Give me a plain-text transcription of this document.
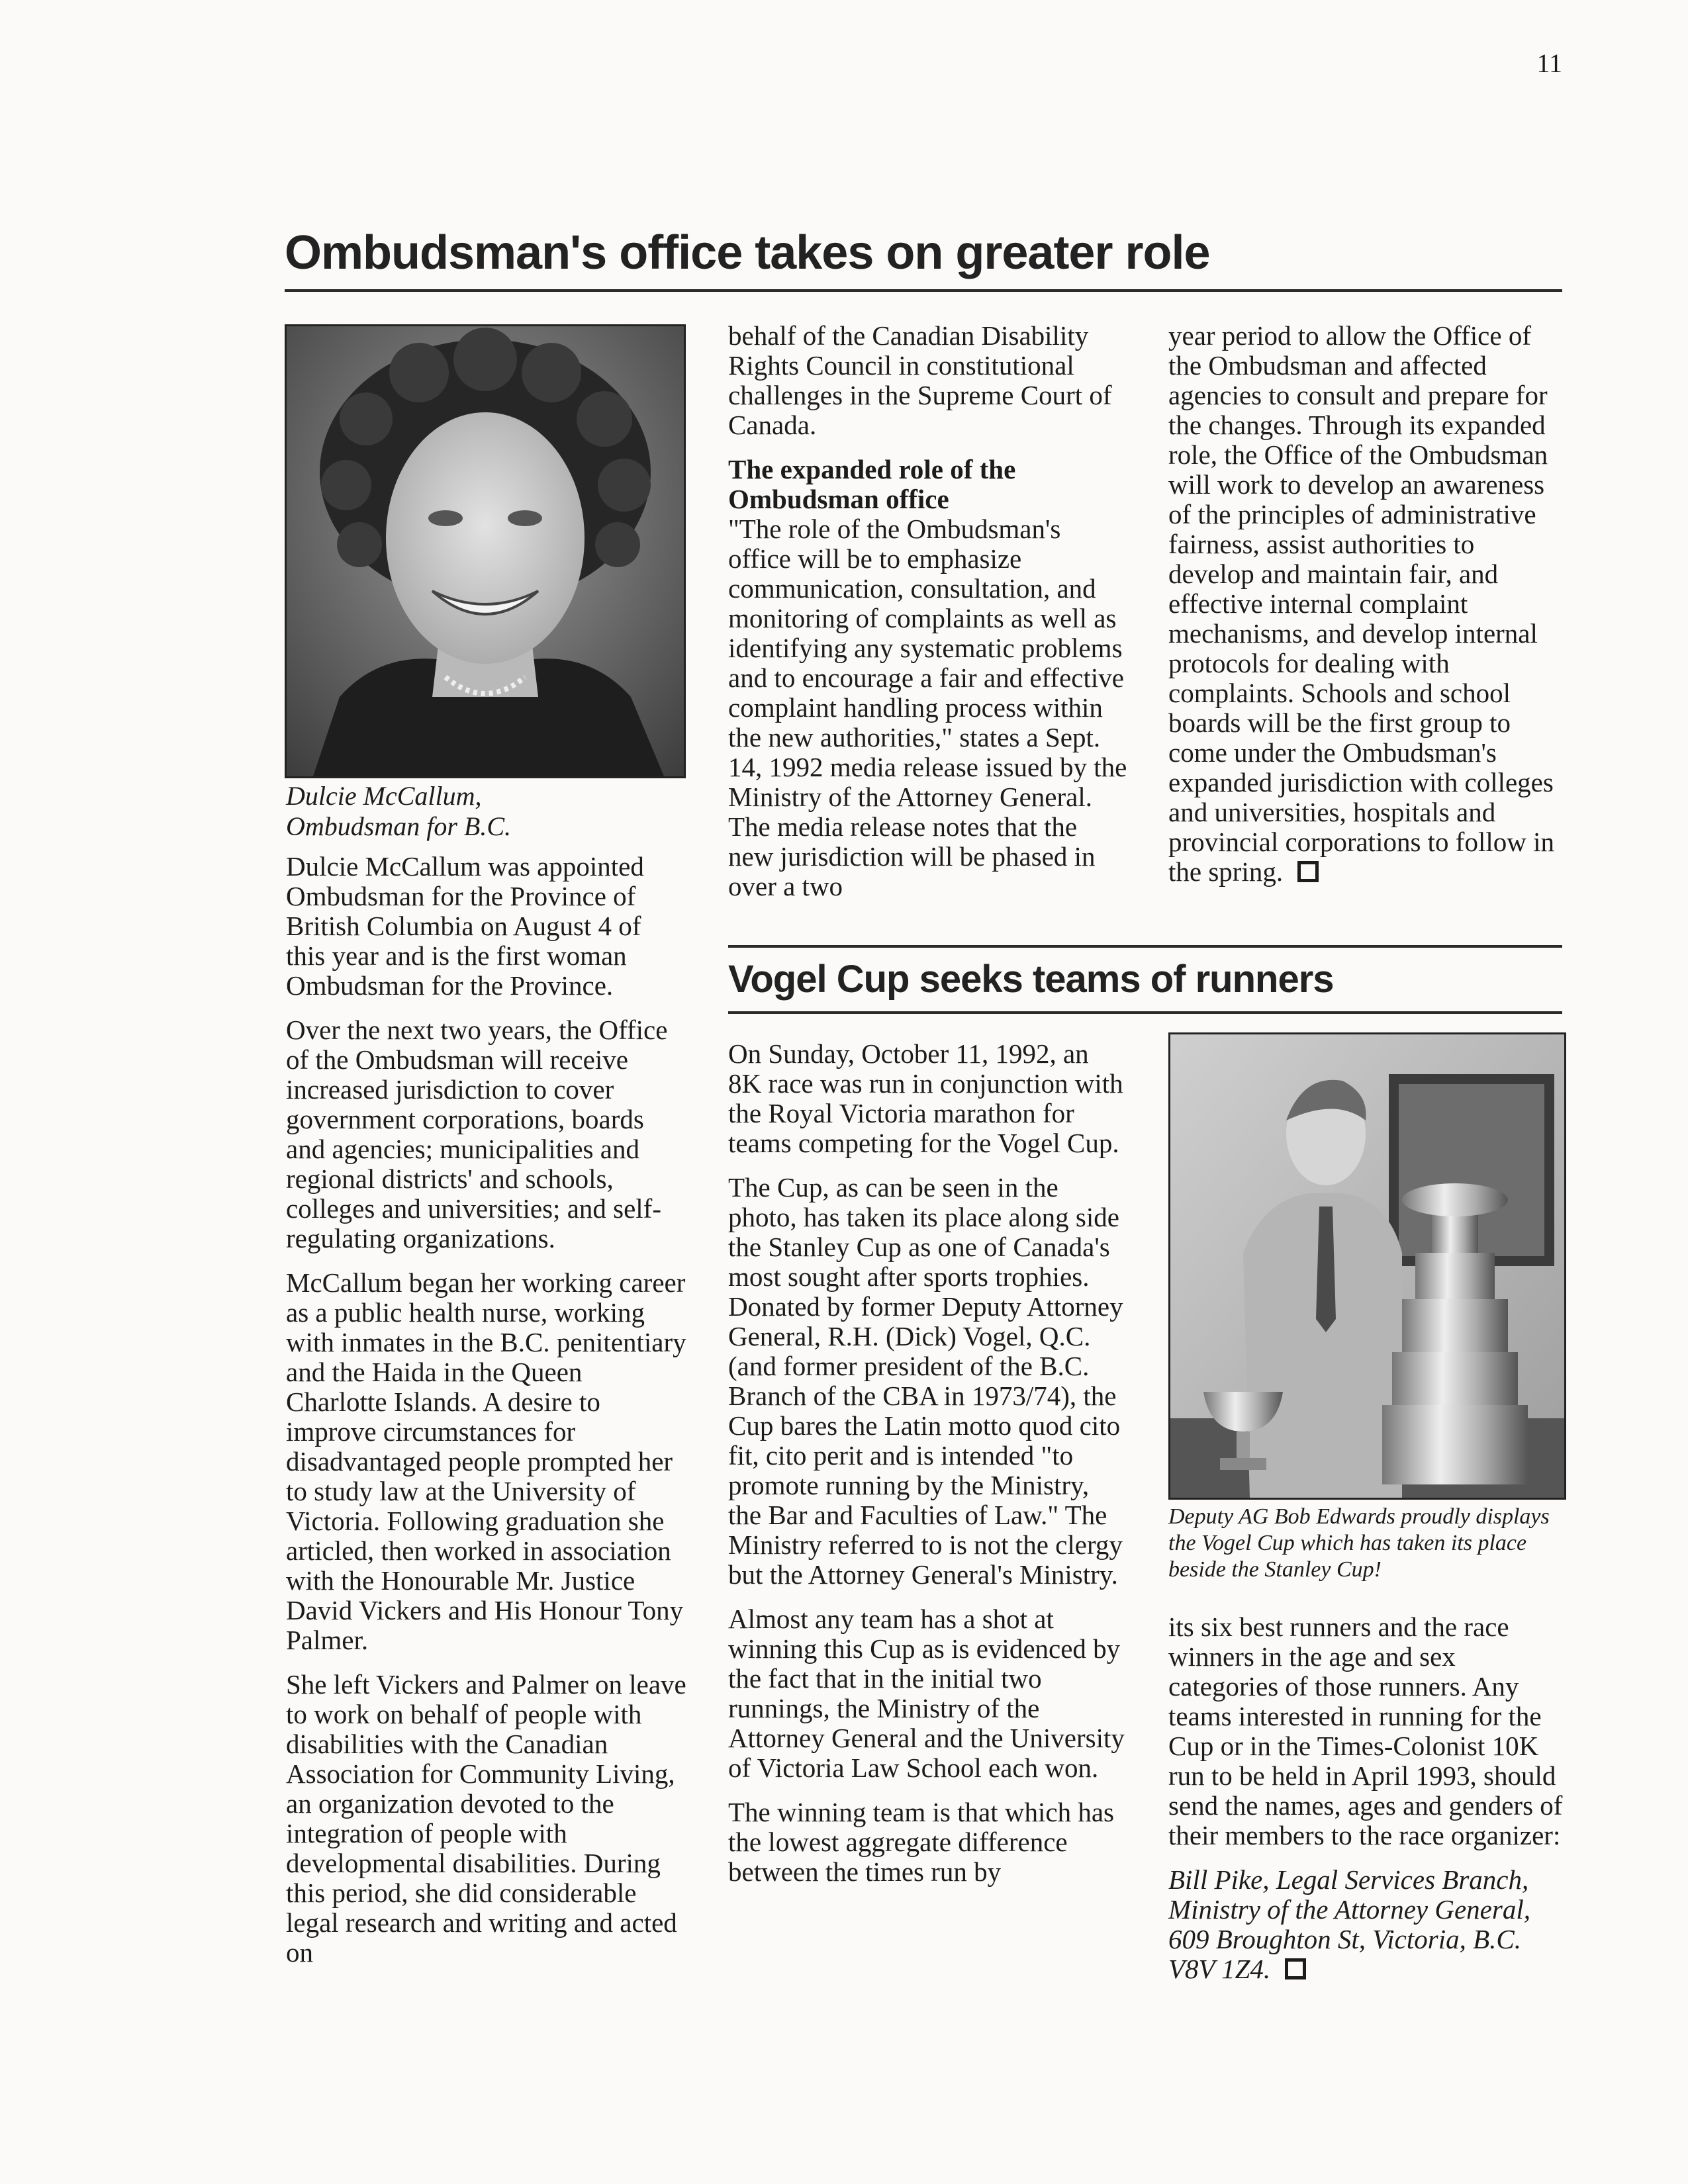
11
Ombudsman's office takes on greater role
Dulcie McCallum,
Ombudsman for B.C.

Dulcie McCallum was appointed Ombudsman for the Province of British Columbia on August 4 of this year and is the first woman Ombudsman for the Province.

Over the next two years, the Office of the Ombudsman will receive increased jurisdiction to cover government corporations, boards and agencies; municipalities and regional districts' and schools, colleges and universities; and self-regulating organizations.

McCallum began her working career as a public health nurse, working with inmates in the B.C. penitentiary and the Haida in the Queen Charlotte Islands. A desire to improve circumstances for disadvantaged people prompted her to study law at the University of Victoria. Following graduation she articled, then worked in association with the Honourable Mr. Justice David Vickers and His Honour Tony Palmer.

She left Vickers and Palmer on leave to work on behalf of people with disabilities with the Canadian Association for Community Living, an organization devoted to the integration of people with developmental disabilities. During this period, she did considerable legal research and writing and acted on

behalf of the Canadian Disability Rights Council in constitutional challenges in the Supreme Court of Canada.

The expanded role of the Ombudsman office

"The role of the Ombudsman's office will be to emphasize communication, consultation, and monitoring of complaints as well as identifying any systematic problems and to encourage a fair and effective complaint handling process within the new authorities," states a Sept. 14, 1992 media release issued by the Ministry of the Attorney General. The media release notes that the new jurisdiction will be phased in over a two

year period to allow the Office of the Ombudsman and affected agencies to consult and prepare for the changes. Through its expanded role, the Office of the Ombudsman will work to develop an awareness of the principles of administrative fairness, assist authorities to develop and maintain fair, and effective internal complaint mechanisms, and develop internal protocols for dealing with complaints. Schools and school boards will be the first group to come under the Ombudsman's expanded jurisdiction with colleges and universities, hospitals and provincial corporations to follow in the spring.

Vogel Cup seeks teams of runners

On Sunday, October 11, 1992, an 8K race was run in conjunction with the Royal Victoria marathon for teams competing for the Vogel Cup.

The Cup, as can be seen in the photo, has taken its place along side the Stanley Cup as one of Canada's most sought after sports trophies. Donated by former Deputy Attorney General, R.H. (Dick) Vogel, Q.C. (and former president of the B.C. Branch of the CBA in 1973/74), the Cup bares the Latin motto quod cito fit, cito perit and is intended "to promote running by the Ministry, the Bar and Faculties of Law." The Ministry referred to is not the clergy but the Attorney General's Ministry.

Almost any team has a shot at winning this Cup as is evidenced by the fact that in the initial two runnings, the Ministry of the Attorney General and the University of Victoria Law School each won.

The winning team is that which has the lowest aggregate difference between the times run by

Deputy AG Bob Edwards proudly displays the Vogel Cup which has taken its place beside the Stanley Cup!

its six best runners and the race winners in the age and sex categories of those runners. Any teams interested in running for the Cup or in the Times-Colonist 10K run to be held in April 1993, should send the names, ages and genders of their members to the race organizer:

Bill Pike, Legal Services Branch,
Ministry of the Attorney General,
609 Broughton St, Victoria, B.C.
V8V 1Z4.
